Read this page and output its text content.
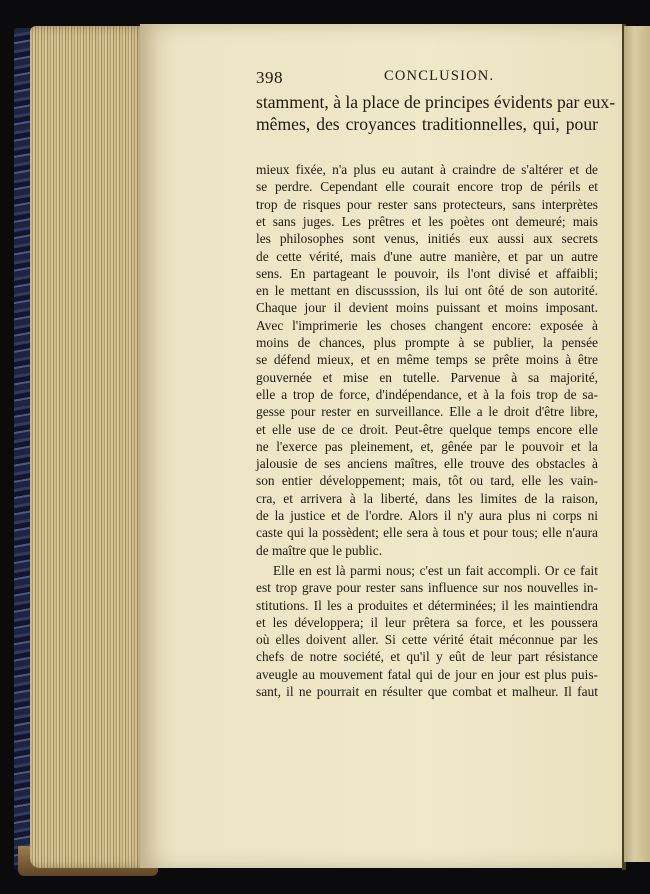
398	CONCLUSION.
stamment, à la place de principes évidents par eux-
mêmes, des croyances traditionnelles, qui, pour
mieux fixée, n'a plus eu autant à craindre de s'altérer et de
se perdre. Cependant elle courait encore trop de périls et
trop de risques pour rester sans protecteurs, sans interprètes
et sans juges. Les prêtres et les poètes ont demeuré; mais
les philosophes sont venus, initiés eux aussi aux secrets
de cette vérité, mais d'une autre manière, et par un autre
sens. En partageant le pouvoir, ils l'ont divisé et affaibli;
en le mettant en discusssion, ils lui ont ôté de son autorité.
Chaque jour il devient moins puissant et moins imposant.
Avec l'imprimerie les choses changent encore: exposée à
moins de chances, plus prompte à se publier, la pensée
se défend mieux, et en même temps se prête moins à être
gouvernée et mise en tutelle. Parvenue à sa majorité,
elle a trop de force, d'indépendance, et à la fois trop de sa-
gesse pour rester en surveillance. Elle a le droit d'être libre,
et elle use de ce droit. Peut-être quelque temps encore elle
ne l'exerce pas pleinement, et, gênée par le pouvoir et la
jalousie de ses anciens maîtres, elle trouve des obstacles à
son entier développement; mais, tôt ou tard, elle les vain-
cra, et arrivera à la liberté, dans les limites de la raison,
de la justice et de l'ordre. Alors il n'y aura plus ni corps ni
caste qui la possèdent; elle sera à tous et pour tous; elle n'aura
de maître que le public.
Elle en est là parmi nous; c'est un fait accompli. Or ce fait
est trop grave pour rester sans influence sur nos nouvelles in-
stitutions. Il les a produites et déterminées; il les maintiendra
et les développera; il leur prêtera sa force, et les poussera
où elles doivent aller. Si cette vérité était méconnue par les
chefs de notre société, et qu'il y eût de leur part résistance
aveugle au mouvement fatal qui de jour en jour est plus puis-
sant, il ne pourrait en résulter que combat et malheur. Il faut
